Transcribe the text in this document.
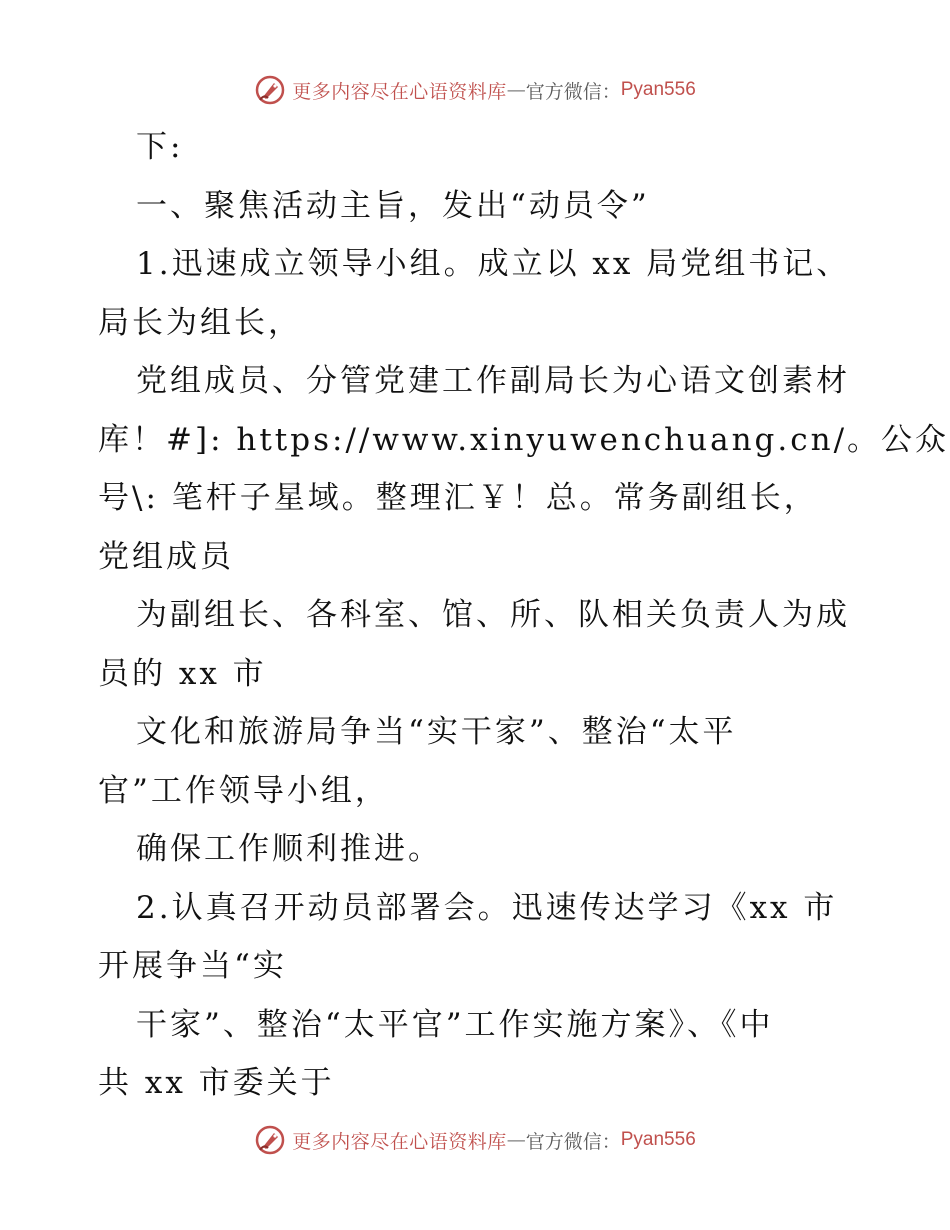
更多内容尽在心语资料库 — 官方微信： Pyan556
下:
一、聚焦活动主旨，发出“动员令”
1.迅速成立领导小组。成立以 xx 局党组书记、
局长为组长，
党组成员、分管党建工作副局长为心语文创素材
库！#]: https://www.xinyuwenchuang.cn/。公众
号\: 笔杆子星域。整理汇￥！总。常务副组长，
党组成员
为副组长、各科室、馆、所、队相关负责人为成
员的 xx 市
文化和旅游局争当“实干家”、整治“太平
官”工作领导小组，
确保工作顺利推进。
2.认真召开动员部署会。迅速传达学习《xx 市
开展争当“实
干家”、整治“太平官”工作实施方案》、《中
共 xx 市委关于
更多内容尽在心语资料库 — 官方微信： Pyan556
